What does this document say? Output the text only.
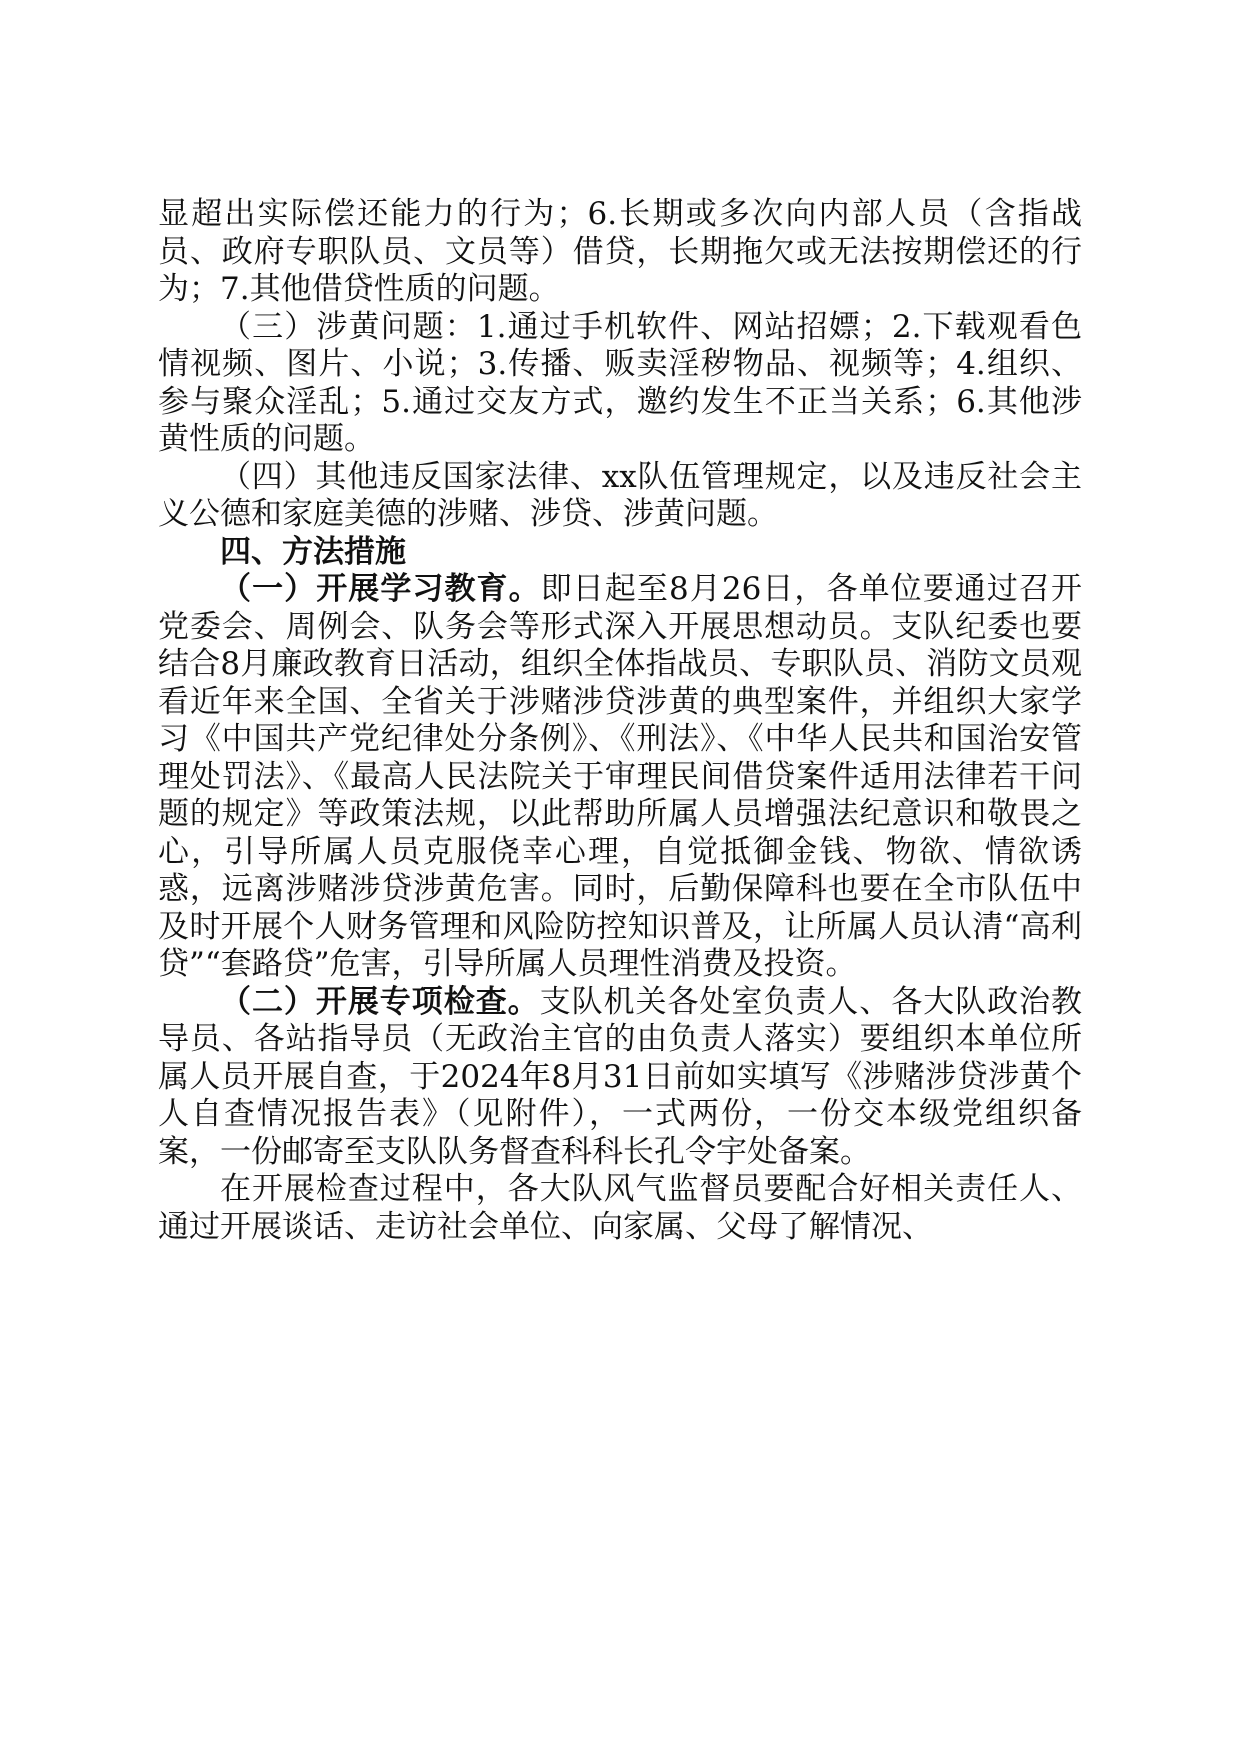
显超出实际偿还能力的行为；6.长期或多次向内部人员（含指战员、政府专职队员、文员等）借贷，长期拖欠或无法按期偿还的行为；7.其他借贷性质的问题。

（三）涉黄问题：1.通过手机软件、网站招嫖；2.下载观看色情视频、图片、小说；3.传播、贩卖淫秽物品、视频等；4.组织、参与聚众淫乱；5.通过交友方式，邀约发生不正当关系；6.其他涉黄性质的问题。

（四）其他违反国家法律、xx队伍管理规定，以及违反社会主义公德和家庭美德的涉赌、涉贷、涉黄问题。

四、方法措施

（一）开展学习教育。即日起至8月26日，各单位要通过召开党委会、周例会、队务会等形式深入开展思想动员。支队纪委也要结合8月廉政教育日活动，组织全体指战员、专职队员、消防文员观看近年来全国、全省关于涉赌涉贷涉黄的典型案件，并组织大家学习《中国共产党纪律处分条例》、《刑法》、《中华人民共和国治安管理处罚法》、《最高人民法院关于审理民间借贷案件适用法律若干问题的规定》等政策法规，以此帮助所属人员增强法纪意识和敬畏之心，引导所属人员克服侥幸心理，自觉抵御金钱、物欲、情欲诱惑，远离涉赌涉贷涉黄危害。同时，后勤保障科也要在全市队伍中及时开展个人财务管理和风险防控知识普及，让所属人员认清“高利贷”“套路贷”危害，引导所属人员理性消费及投资。

（二）开展专项检查。支队机关各处室负责人、各大队政治教导员、各站指导员（无政治主官的由负责人落实）要组织本单位所属人员开展自查，于2024年8月31日前如实填写《涉赌涉贷涉黄个人自查情况报告表》（见附件），一式两份，一份交本级党组织备案，一份邮寄至支队队务督查科科长孔令宇处备案。

在开展检查过程中，各大队风气监督员要配合好相关责任人、通过开展谈话、走访社会单位、向家属、父母了解情况、
